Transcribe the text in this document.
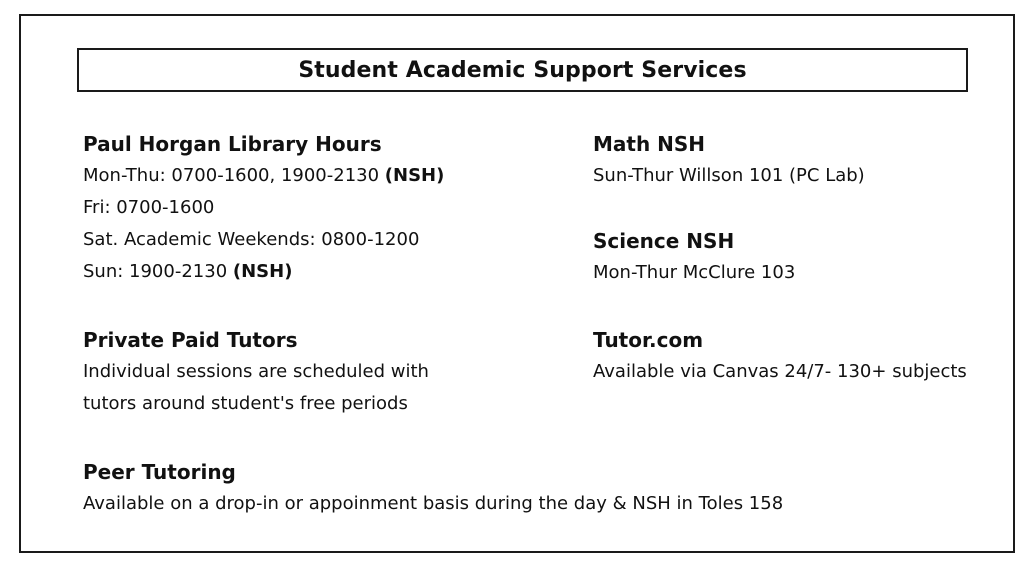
Student Academic Support Services
Paul Horgan Library Hours
Mon-Thu: 0700-1600, 1900-2130 (NSH)
Fri: 0700-1600
Sat. Academic Weekends: 0800-1200
Sun: 1900-2130 (NSH)
Private Paid Tutors
Individual sessions are scheduled with
tutors around student's free periods
Peer Tutoring
Available on a drop-in or appoinment basis during the day & NSH in Toles 158
Math NSH
Sun-Thur Willson 101 (PC Lab)
Science NSH
Mon-Thur McClure 103
Tutor.com
Available via Canvas 24/7- 130+ subjects
